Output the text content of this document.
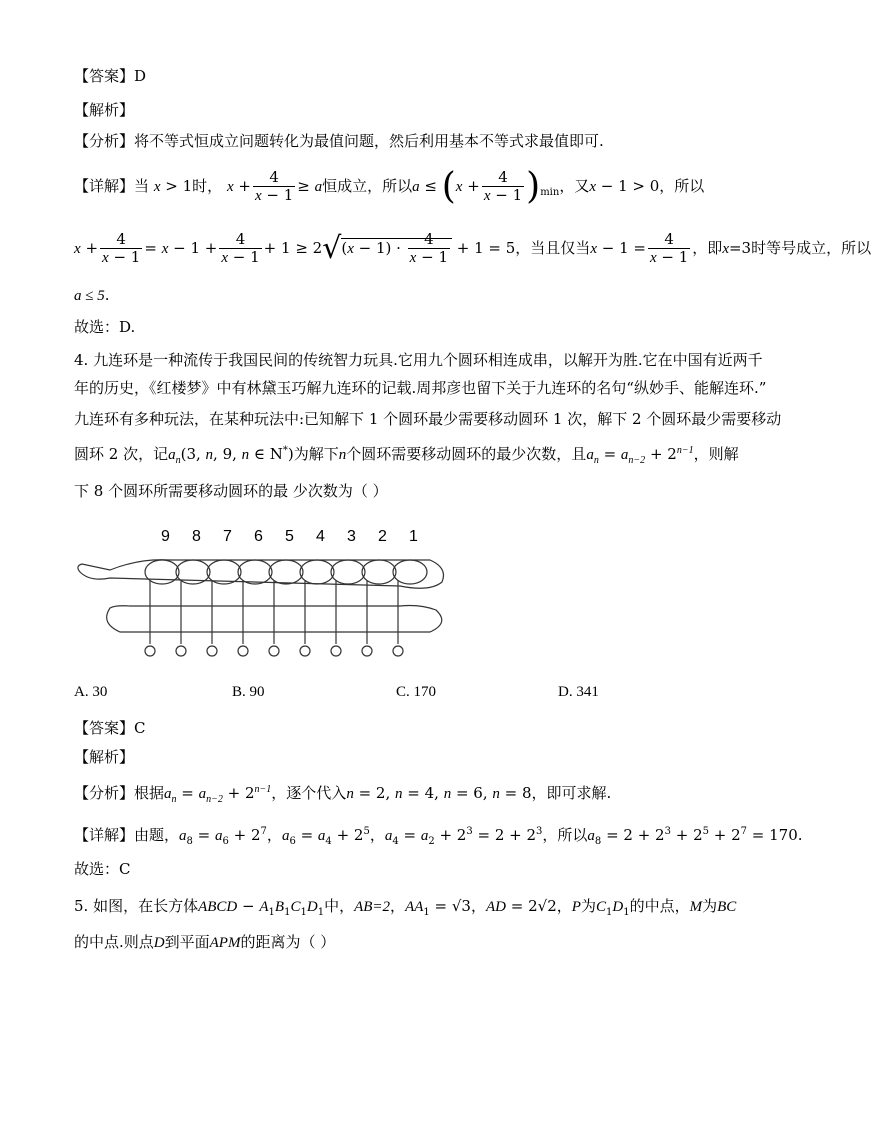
【答案】D
【解析】
【分析】将不等式恒成立问题转化为最值问题，然后利用基本不等式求最值即可.
【详解】当 x > 1时， $x + \frac{4}{x - 1} \ge a$恒成立，所以$a \le (x + \frac{4}{x - 1} )_{min}$，又x − 1 > 0，所以
$x + \frac{4}{x - 1} = x - 1 + \frac{4}{x - 1} + 1 \ge 2√(x - 1) \cdot \frac{4}{x - 1} + 1 = 5$，当且仅当$x - 1 = \frac{4}{x - 1}$ ，即x=3时等号成立，所以
a ≤ 5.
故选：D.
4. 九连环是一种流传于我国民间的传统智力玩具.它用九个圆环相连成串，以解开为胜.它在中国有近两千
年的历史，《红楼梦》中有林黛玉巧解九连环的记载.周邦彦也留下关于九连环的名句“纵妙手、能解连环.”
九连环有多种玩法，在某种玩法中:已知解下 1 个圆环最少需要移动圆环 1 次，解下 2 个圆环最少需要移动
圆环 2 次，记$a_n(3$, n, 9, n ∈ N*)为解下n个圆环需要移动圆环的最少次数，且$a_n = a_{n-2} + 2^{n-1}$，则解
下 8 个圆环所需要移动圆环的最 少次数为（ ）
9 8 7 6 5 4 3 2 1
A. 30	B. 90	C. 170	D. 341
【答案】C
【解析】
【分析】根据$a_n = a_{n-2} + 2^{n-1}$，逐个代入n = 2, n = 4, n = 6, n = 8，即可求解.
【详解】由题，$a_8 = a_6 + 2^7$，$a_6 = a_4 + 2^5$，$a_4 = a_2 + 2^3 = 2 + 2^3$，所以$a_8 = 2 + 2^3 + 2^5 + 2^7 = 170$.
故选：C
5. 如图，在长方体ABCD − $A_1B_1C_1D_1$中，AB=2，$AA_1 = √3$，AD = 2√2，P为$C_1D_1$的中点，M为BC
的中点.则点D到平面APM的距离为（ ）
